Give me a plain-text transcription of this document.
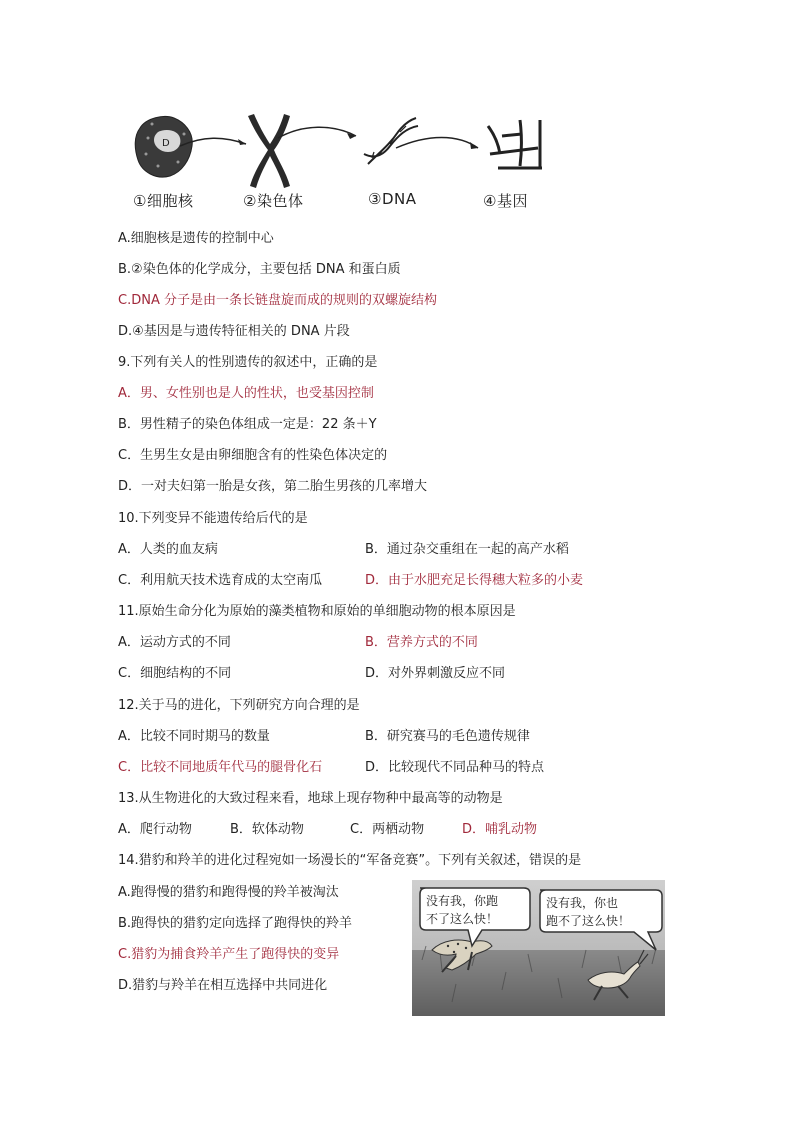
D
①细胞核	②染色体	③DNA	④基因
A.细胞核是遗传的控制中心
B.②染色体的化学成分，主要包括 DNA 和蛋白质
C.DNA 分子是由一条长链盘旋而成的规则的双螺旋结构
D.④基因是与遗传特征相关的 DNA 片段
9.下列有关人的性别遗传的叙述中，正确的是
A．男、女性别也是人的性状，也受基因控制
B．男性精子的染色体组成一定是：22 条＋Y
C．生男生女是由卵细胞含有的性染色体决定的
D．一对夫妇第一胎是女孩，第二胎生男孩的几率增大
10.下列变异不能遗传给后代的是
A．人类的血友病	B．通过杂交重组在一起的高产水稻
C．利用航天技术选育成的太空南瓜	D．由于水肥充足长得穗大粒多的小麦
11.原始生命分化为原始的藻类植物和原始的单细胞动物的根本原因是
A．运动方式的不同	B．营养方式的不同
C．细胞结构的不同	D．对外界刺激反应不同
12.关于马的进化，下列研究方向合理的是
A．比较不同时期马的数量	B．研究赛马的毛色遗传规律
C．比较不同地质年代马的腿骨化石	D．比较现代不同品种马的特点
13.从生物进化的大致过程来看，地球上现存物种中最高等的动物是
A．爬行动物	B．软体动物	C．两栖动物	D．哺乳动物
14.猎豹和羚羊的进化过程宛如一场漫长的“军备竞赛”。下列有关叙述，错误的是
A.跑得慢的猎豹和跑得慢的羚羊被淘汰
B.跑得快的猎豹定向选择了跑得快的羚羊
C.猎豹为捕食羚羊产生了跑得快的变异
D.猎豹与羚羊在相互选择中共同进化
没有我，你跑
不了这么快！
没有我，你也
跑不了这么快！
